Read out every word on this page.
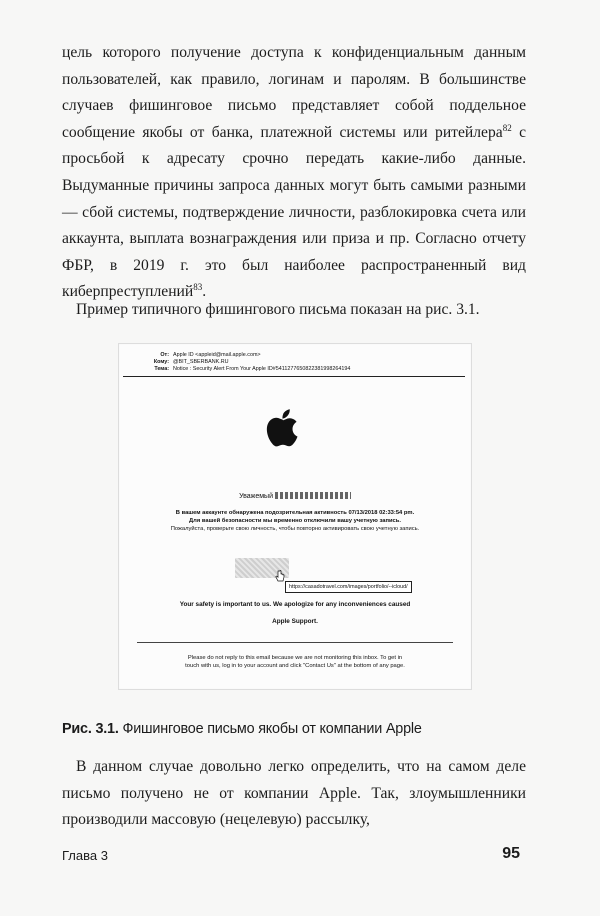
цель которого получение доступа к конфиденциальным данным пользователей, как правило, логинам и паролям. В большинстве случаев фишинговое письмо представляет собой поддельное сообщение якобы от банка, платежной системы или ритейлера$^{82}$ с просьбой к адресату срочно передать какие-либо данные. Выдуманные причины запроса данных могут быть самыми разными — сбой системы, подтверждение личности, разблокировка счета или аккаунта, выплата вознаграждения или приза и пр. Согласно отчету ФБР, в 2019 г. это был наиболее распространенный вид киберпреступлений$^{83}$.

Пример типичного фишингового письма показан на рис. 3.1.

От: Apple ID <appleid@mail.apple.com>
Кому: @BIT_SBERBANK.RU
Тема: Notice : Security Alert From Your Apple ID#5411277650822381998264194
Уважемый
В вашем аккаунте обнаружена подозрительная активность 07/13/2018 02:33:54 pm.
Для вашей безопасности мы временно отключили вашу учетную запись.
Пожалуйста, проверьте свою личность, чтобы повторно активировать свою учетную запись.
https://casadotravel.com/images/portfolio/--icloud/
Your safety is important to us. We apologize for any inconveniences caused
Apple Support.
Please do not reply to this email because we are not monitoring this inbox. To get in
touch with us, log in to your account and click "Contact Us" at the bottom of any page.

Рис. 3.1. Фишинговое письмо якобы от компании Apple

В данном случае довольно легко определить, что на самом деле письмо получено не от компании Apple. Так, злоумышленники производили массовую (нецелевую) рассылку,

Глава 3	95
